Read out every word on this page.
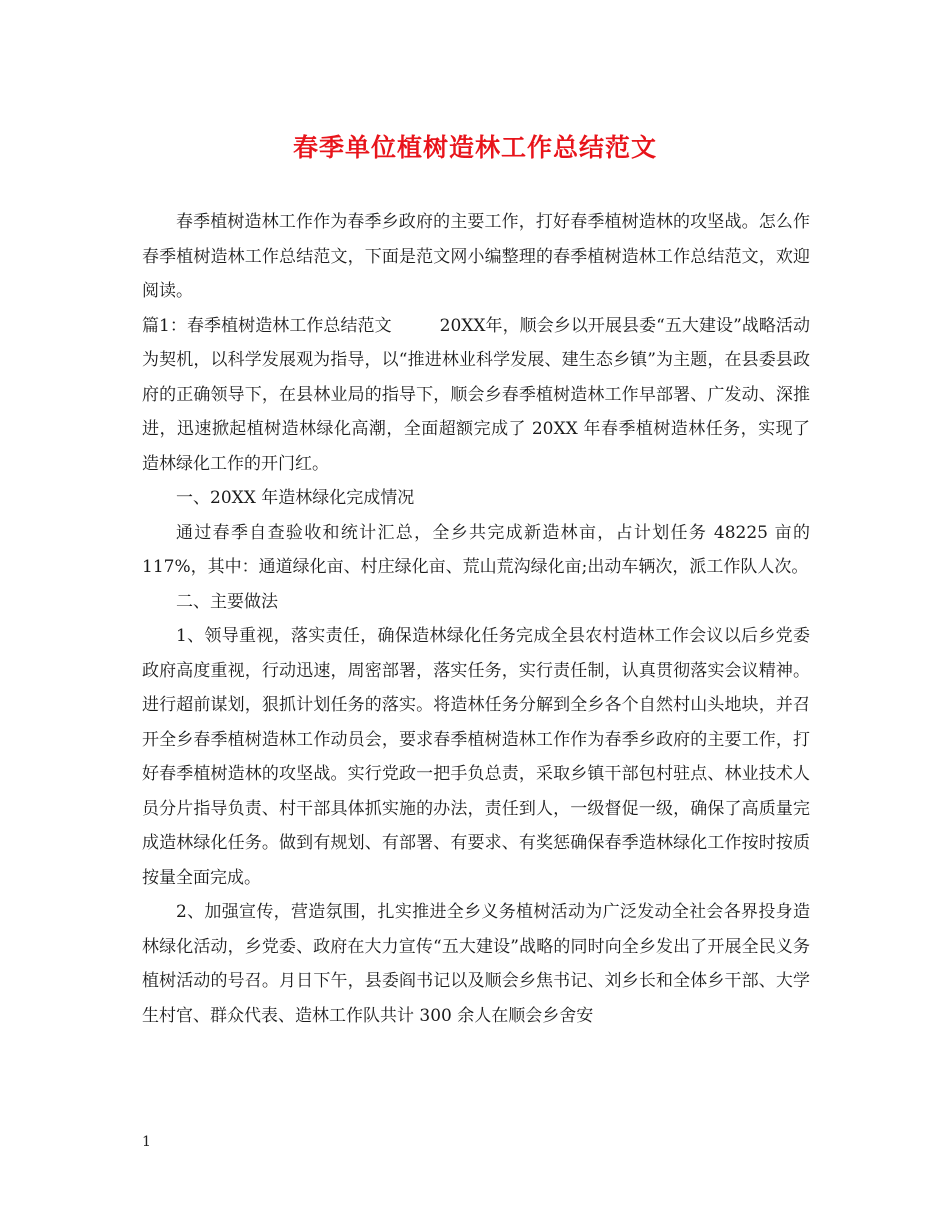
春季单位植树造林工作总结范文

春季植树造林工作作为春季乡政府的主要工作，打好春季植树造林的攻坚战。怎么作春季植树造林工作总结范文，下面是范文网小编整理的春季植树造林工作总结范文，欢迎阅读。

篇1：春季植树造林工作总结范文	20XX年，顺会乡以开展县委“五大建设”战略活动为契机，以科学发展观为指导，以“推进林业科学发展、建生态乡镇”为主题，在县委县政府的正确领导下，在县林业局的指导下，顺会乡春季植树造林工作早部署、广发动、深推进，迅速掀起植树造林绿化高潮，全面超额完成了 20XX 年春季植树造林任务，实现了造林绿化工作的开门红。

一、20XX 年造林绿化完成情况

通过春季自查验收和统计汇总，全乡共完成新造林亩，占计划任务 48225 亩的 117%，其中：通道绿化亩、村庄绿化亩、荒山荒沟绿化亩;出动车辆次，派工作队人次。

二、主要做法

1、领导重视，落实责任，确保造林绿化任务完成全县农村造林工作会议以后乡党委政府高度重视，行动迅速，周密部署，落实任务，实行责任制，认真贯彻落实会议精神。进行超前谋划，狠抓计划任务的落实。将造林任务分解到全乡各个自然村山头地块，并召开全乡春季植树造林工作动员会，要求春季植树造林工作作为春季乡政府的主要工作，打好春季植树造林的攻坚战。实行党政一把手负总责，采取乡镇干部包村驻点、林业技术人员分片指导负责、村干部具体抓实施的办法，责任到人，一级督促一级，确保了高质量完成造林绿化任务。做到有规划、有部署、有要求、有奖惩确保春季造林绿化工作按时按质按量全面完成。

2、加强宣传，营造氛围，扎实推进全乡义务植树活动为广泛发动全社会各界投身造林绿化活动，乡党委、政府在大力宣传“五大建设”战略的同时向全乡发出了开展全民义务植树活动的号召。月日下午，县委阎书记以及顺会乡焦书记、刘乡长和全体乡干部、大学生村官、群众代表、造林工作队共计 300 余人在顺会乡舍安

1
